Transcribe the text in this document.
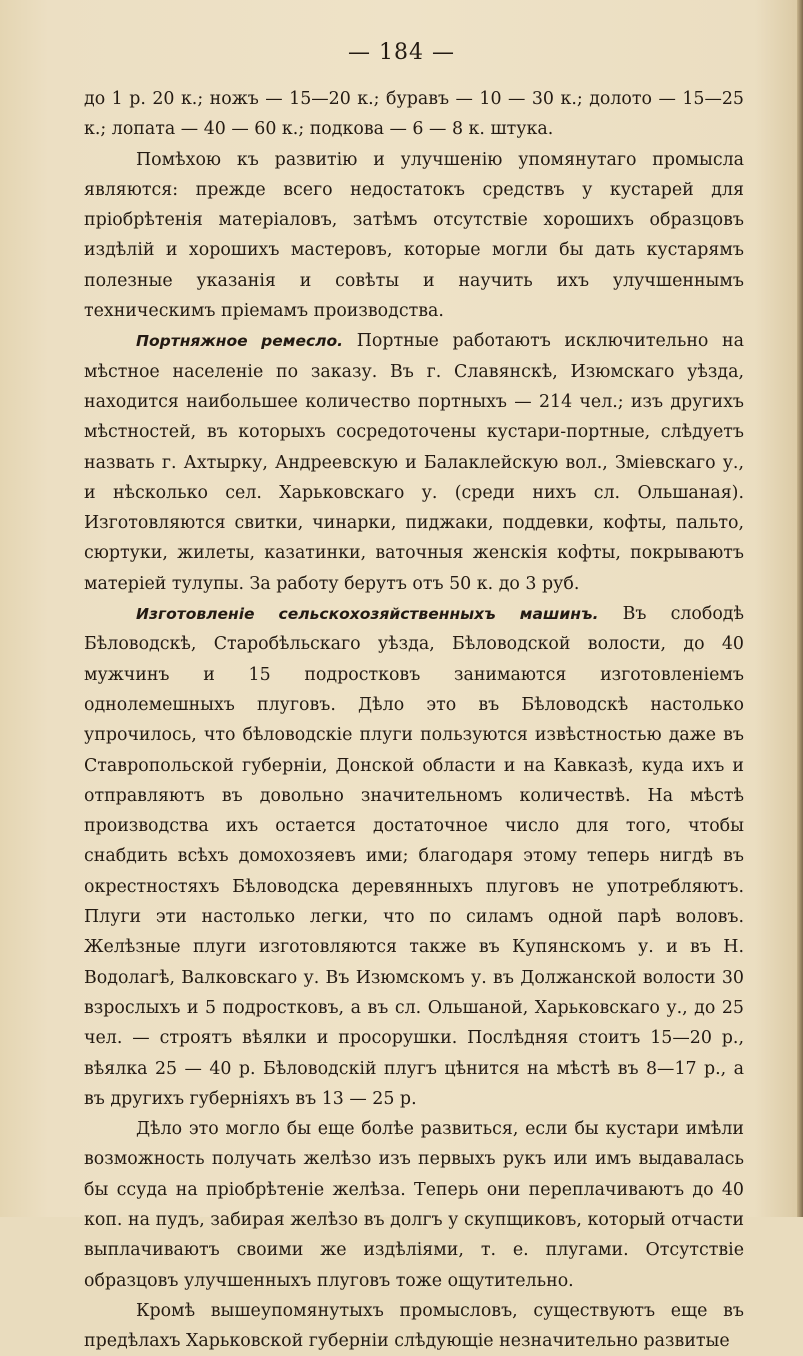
— 184 —

до 1 р. 20 к.; ножъ — 15—20 к.; буравъ — 10 — 30 к.; долото — 15—25 к.; лопата — 40 — 60 к.; подкова — 6 — 8 к. штука.

Помѣхою къ развитію и улучшенію упомянутаго промысла являются: прежде всего недостатокъ средствъ у кустарей для пріобрѣтенія матеріаловъ, затѣмъ отсутствіе хорошихъ образцовъ издѣлій и хорошихъ мастеровъ, которые могли бы дать кустарямъ полезные указанія и совѣты и научить ихъ улучшеннымъ техническимъ пріемамъ производства.

Портняжное ремесло. Портные работаютъ исключительно на мѣстное населеніе по заказу. Въ г. Славянскѣ, Изюмскаго уѣзда, находится наибольшее количество портныхъ — 214 чел.; изъ другихъ мѣстностей, въ которыхъ сосредоточены кустари-портные, слѣдуетъ назвать г. Ахтырку, Андреевскую и Балаклейскую вол., Зміевскаго у., и нѣсколько сел. Харьковскаго у. (среди нихъ сл. Ольшаная). Изготовляются свитки, чинарки, пиджаки, поддевки, кофты, пальто, сюртуки, жилеты, казатинки, ваточныя женскія кофты, покрываютъ матеріей тулупы. За работу берутъ отъ 50 к. до 3 руб.

Изготовленіе сельскохозяйственныхъ машинъ. Въ слободѣ Бѣловодскѣ, Старобѣльскаго уѣзда, Бѣловодской волости, до 40 мужчинъ и 15 подростковъ занимаются изготовленіемъ однолемешныхъ плуговъ. Дѣло это въ Бѣловодскѣ настолько упрочилось, что бѣловодскіе плуги пользуются извѣстностью даже въ Ставропольской губерніи, Донской области и на Кавказѣ, куда ихъ и отправляютъ въ довольно значительномъ количествѣ. На мѣстѣ производства ихъ остается достаточное число для того, чтобы снабдить всѣхъ домохозяевъ ими; благодаря этому теперь нигдѣ въ окрестностяхъ Бѣловодска деревянныхъ плуговъ не употребляютъ. Плуги эти настолько легки, что по силамъ одной парѣ воловъ. Желѣзные плуги изготовляются также въ Купянскомъ у. и въ Н. Водолагѣ, Валковскаго у. Въ Изюмскомъ у. въ Должанской волости 30 взрослыхъ и 5 подростковъ, а въ сл. Ольшаной, Харьковскаго у., до 25 чел. — строятъ вѣялки и просорушки. Послѣдняя стоитъ 15—20 р., вѣялка 25 — 40 р. Бѣловодскій плугъ цѣнится на мѣстѣ въ 8—17 р., а въ другихъ губерніяхъ въ 13 — 25 р.

Дѣло это могло бы еще болѣе развиться, если бы кустари имѣли возможность получать желѣзо изъ первыхъ рукъ или имъ выдавалась бы ссуда на пріобрѣтеніе желѣза. Теперь они переплачиваютъ до 40 коп. на пудъ, забирая желѣзо въ долгъ у скупщиковъ, который отчасти выплачиваютъ своими же издѣліями, т. е. плугами. Отсутствіе образцовъ улучшенныхъ плуговъ тоже ощутительно.

Кромѣ вышеупомянутыхъ промысловъ, существуютъ еще въ предѣлахъ Харьковской губерніи слѣдующіе незначительно развитые
